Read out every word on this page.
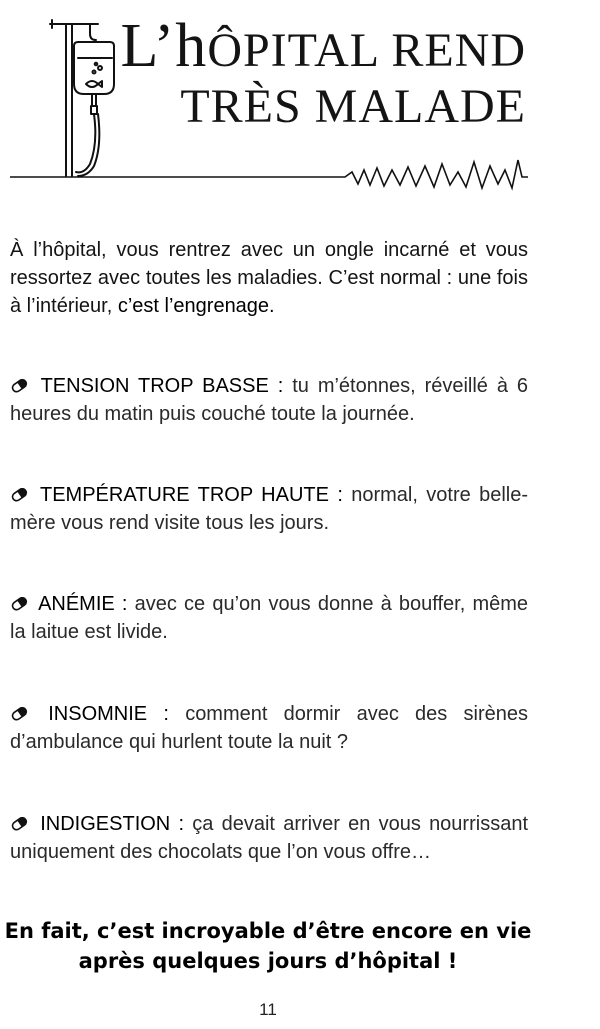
L’hÔPITAL REND
TRÈS MALADE
À l’hôpital, vous rentrez avec un ongle incarné et vous ressortez avec toutes les maladies. C’est normal : une fois à l’intérieur, c’est l’engrenage.
TENSION TROP BASSE : tu m’étonnes, réveillé à 6 heures du matin puis couché toute la journée.
TEMPÉRATURE TROP HAUTE : normal, votre belle-mère vous rend visite tous les jours.
ANÉMIE : avec ce qu’on vous donne à bouffer, même la laitue est livide.
INSOMNIE : comment dormir avec des sirènes d’ambulance qui hurlent toute la nuit ?
INDIGESTION : ça devait arriver en vous nourrissant uniquement des chocolats que l’on vous offre…
En fait, c’est incroyable d’être encore en vie
après quelques jours d’hôpital !
11
